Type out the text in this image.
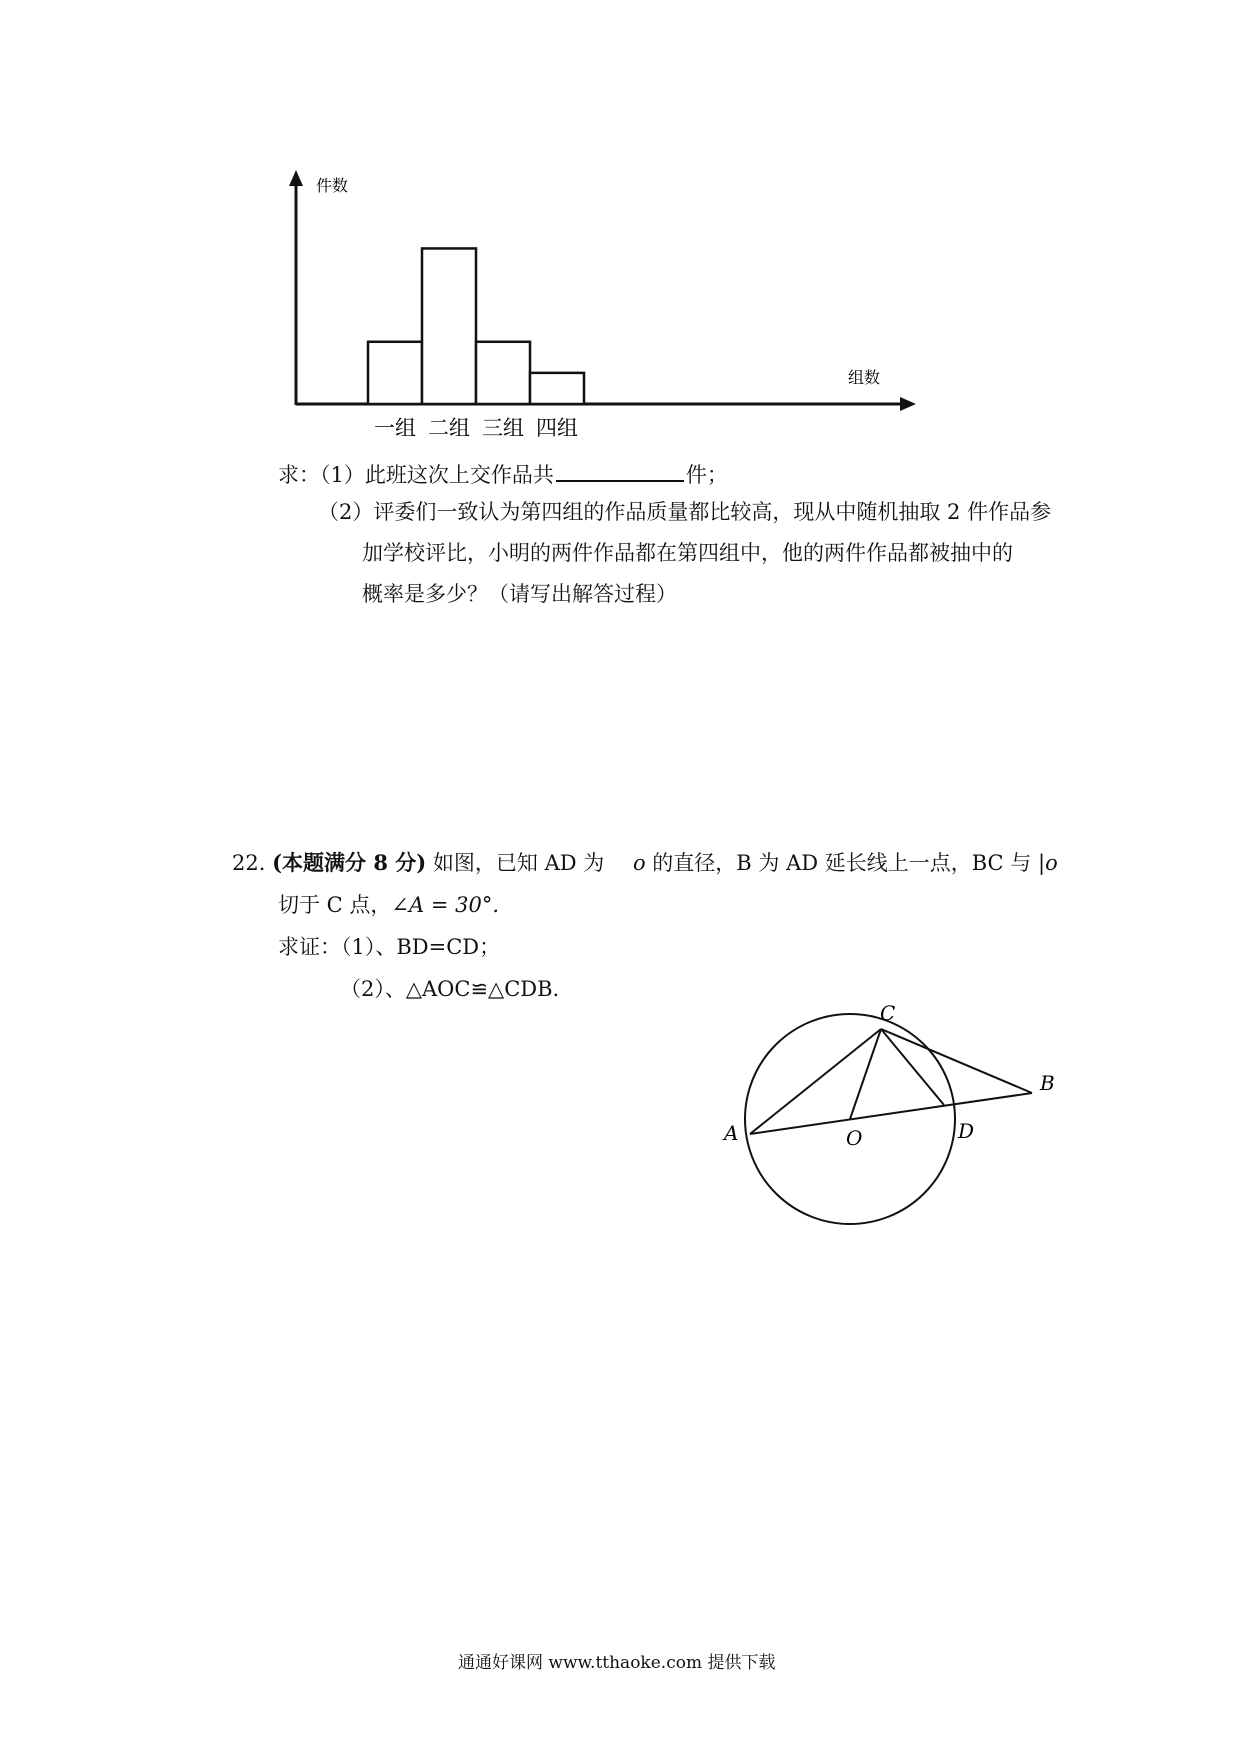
一组 二组 三组 四组
件数
组数
求：（1）此班这次上交作品共	件；
（2）评委们一致认为第四组的作品质量都比较高，现从中随机抽取 2 件作品参
加学校评比，小明的两件作品都在第四组中，他的两件作品都被抽中的
概率是多少？（请写出解答过程）
22. (本题满分 8 分) 如图，已知 AD 为 o 的直径，B 为 AD 延长线上一点，BC 与 |o
切于 C 点，∠A = 30°.
求证：（1）、BD=CD；
（2）、△AOC≌△CDB.
C
B
A	O	D
通通好课网 www.tthaoke.com 提供下载
